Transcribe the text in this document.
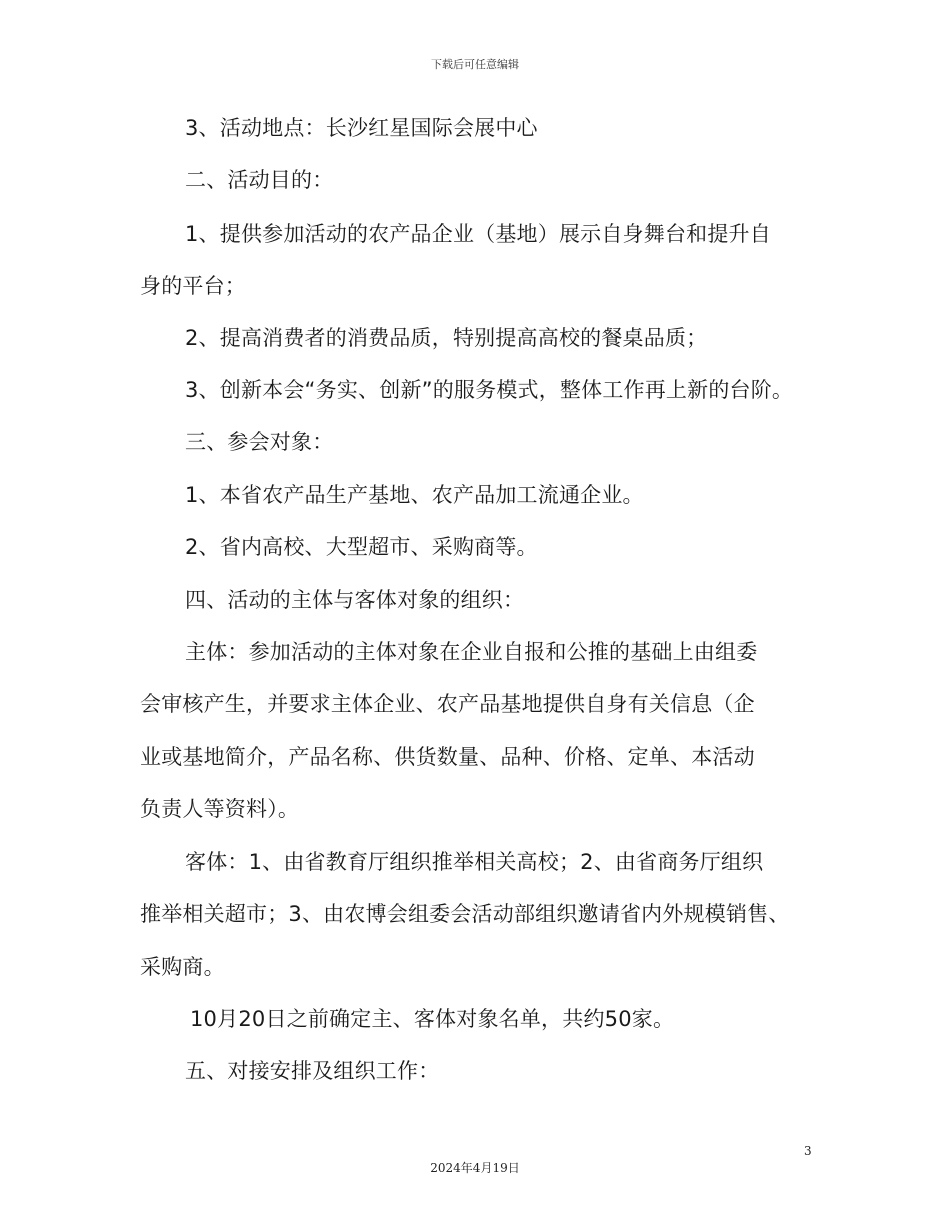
下载后可任意编辑
3、活动地点：长沙红星国际会展中心
二、活动目的：
1、提供参加活动的农产品企业（基地）展示自身舞台和提升自
身的平台；
2、提高消费者的消费品质，特别提高高校的餐桌品质；
3、创新本会“务实、创新”的服务模式，整体工作再上新的台阶。
三、参会对象：
1、本省农产品生产基地、农产品加工流通企业。
2、省内高校、大型超市、采购商等。
四、活动的主体与客体对象的组织：
主体：参加活动的主体对象在企业自报和公推的基础上由组委
会审核产生，并要求主体企业、农产品基地提供自身有关信息（企
业或基地简介，产品名称、供货数量、品种、价格、定单、本活动
负责人等资料）。
客体：1、由省教育厅组织推举相关高校；2、由省商务厅组织
推举相关超市；3、由农博会组委会活动部组织邀请省内外规模销售、
采购商。
10月20日之前确定主、客体对象名单，共约50家。
五、对接安排及组织工作：
3
2024年4月19日
